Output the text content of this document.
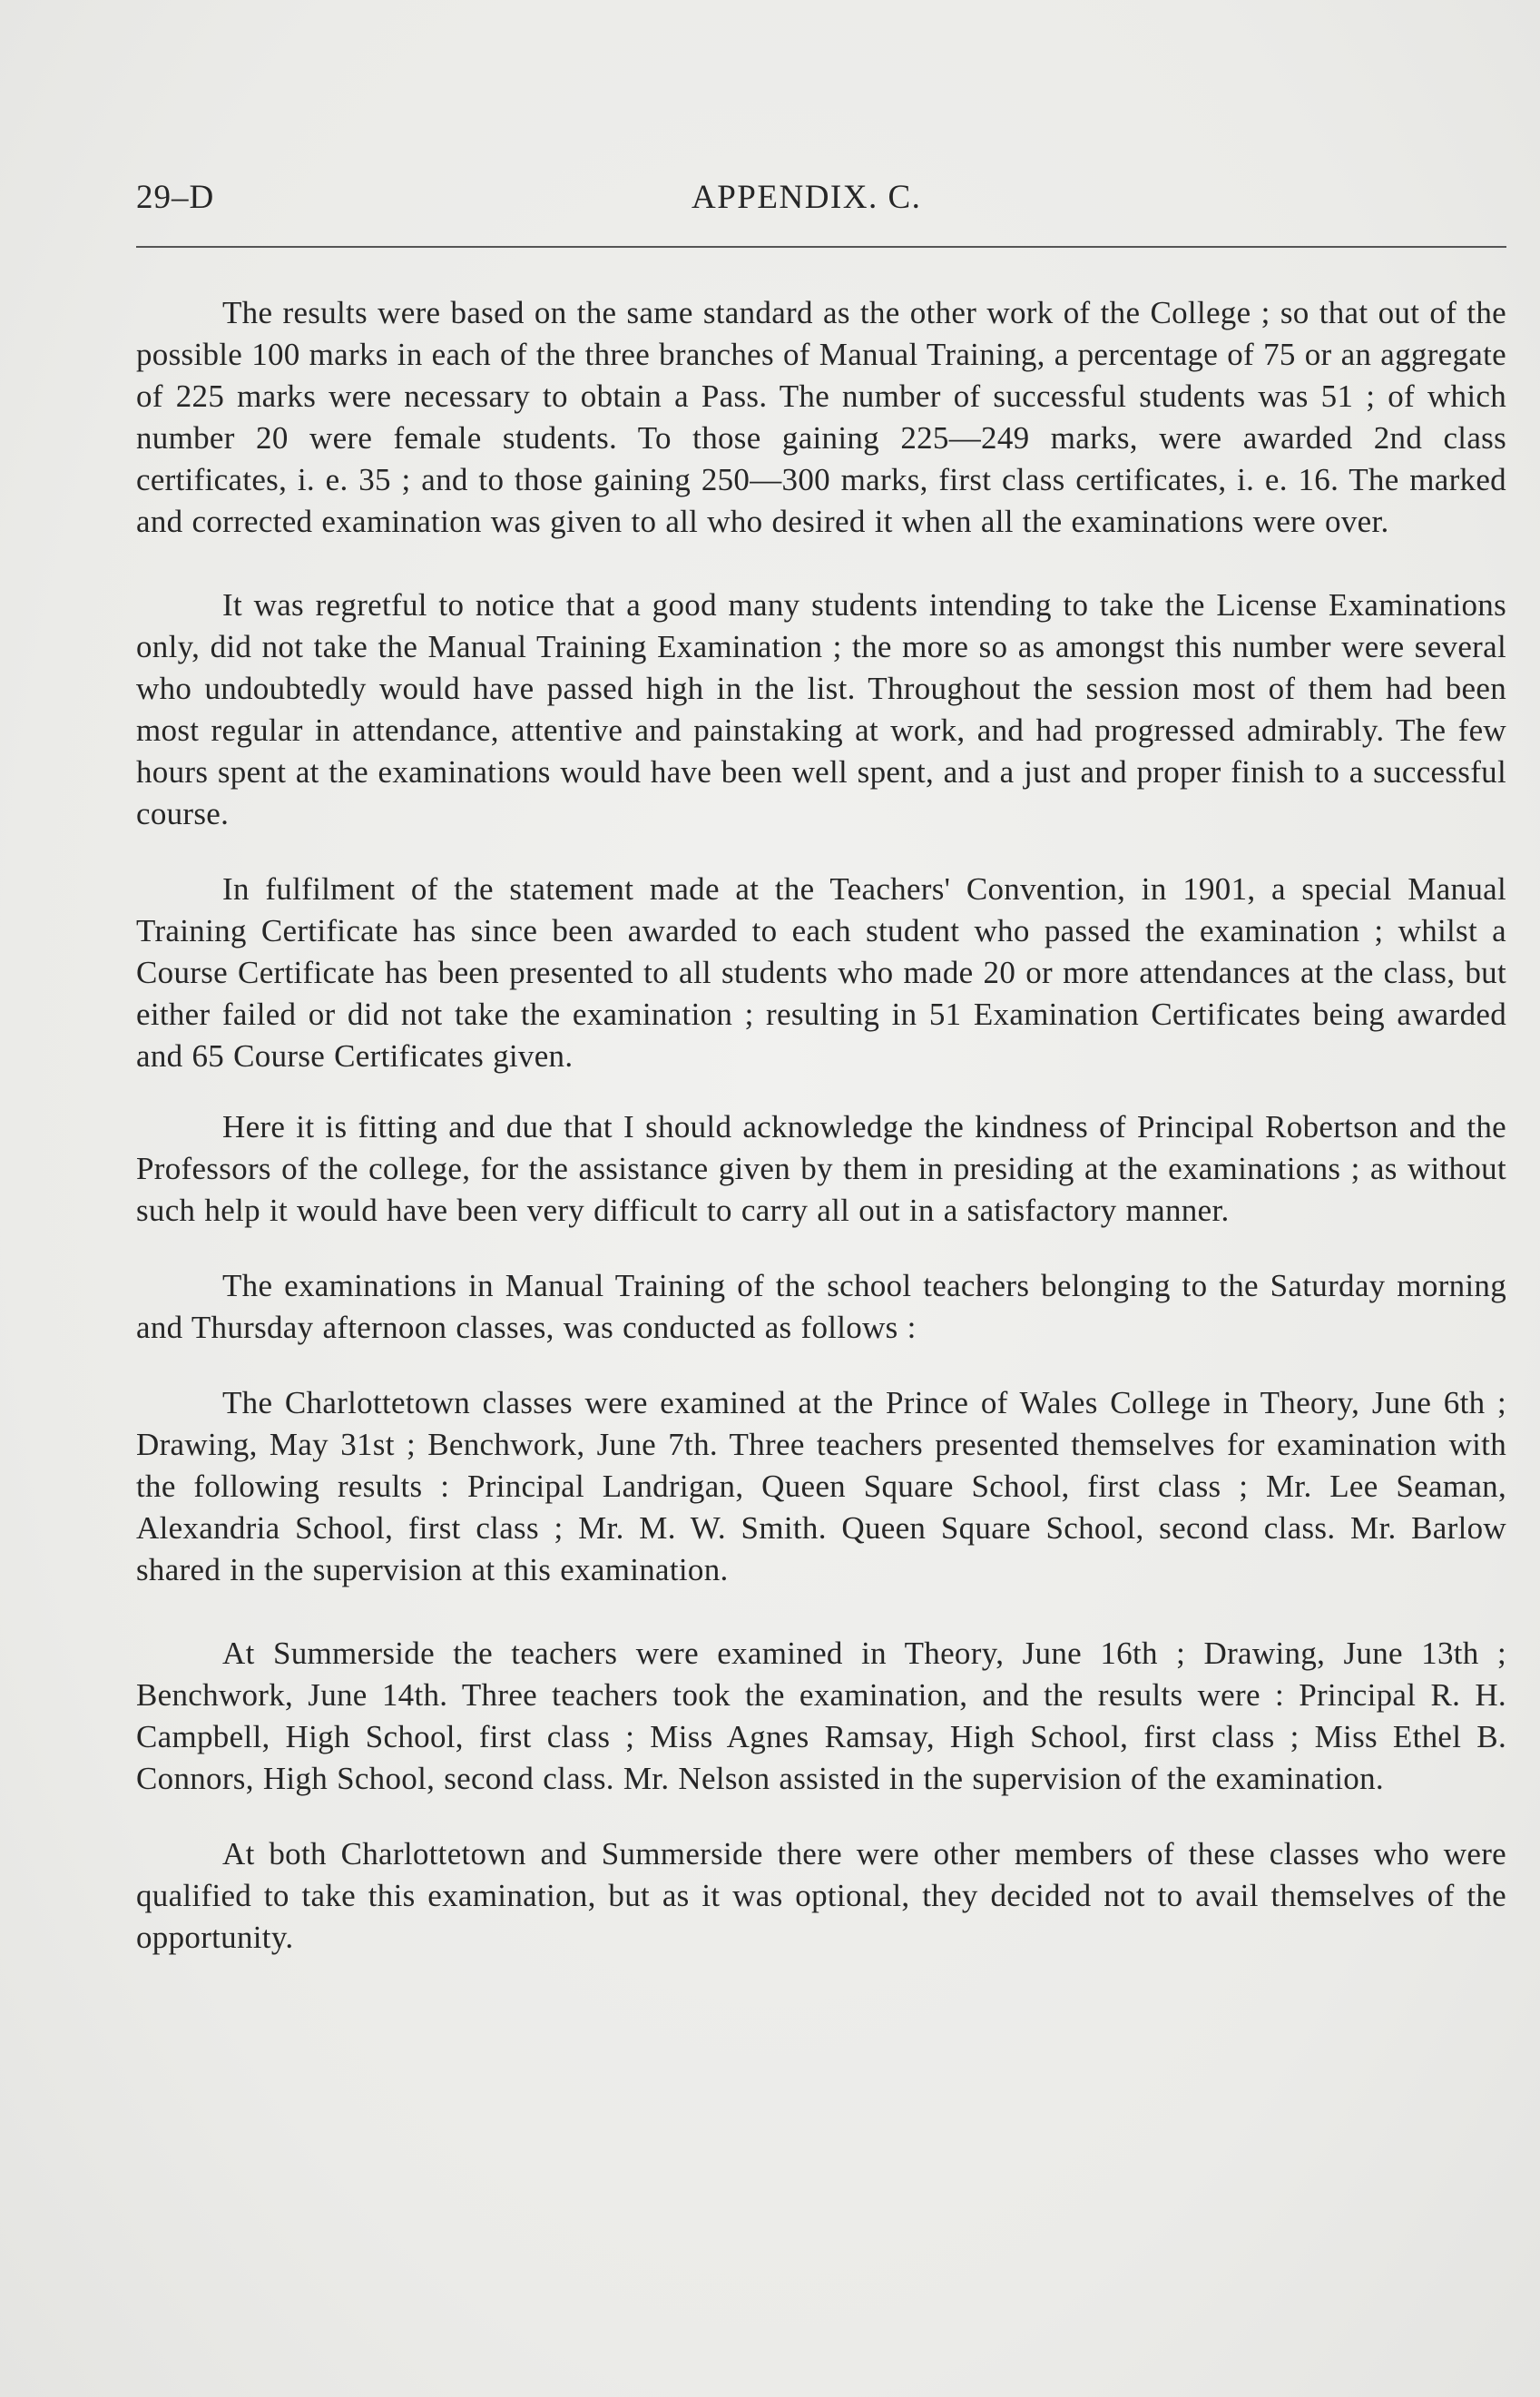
29–D	APPENDIX. C.

The results were based on the same standard as the other work of the College ; so that out of the possible 100 marks in each of the three branches of Manual Training, a percentage of 75 or an aggregate of 225 marks were necessary to obtain a Pass. The number of successful students was 51 ; of which number 20 were female students. To those gaining 225—249 marks, were awarded 2nd class certificates, i. e. 35 ; and to those gaining 250—300 marks, first class certificates, i. e. 16. The marked and corrected examination was given to all who desired it when all the examinations were over.

It was regretful to notice that a good many students intending to take the License Examinations only, did not take the Manual Training Examination ; the more so as amongst this number were several who undoubtedly would have passed high in the list. Throughout the session most of them had been most regular in attendance, attentive and painstaking at work, and had progressed admirably. The few hours spent at the examinations would have been well spent, and a just and proper finish to a successful course.

In fulfilment of the statement made at the Teachers' Convention, in 1901, a special Manual Training Certificate has since been awarded to each student who passed the examination ; whilst a Course Certificate has been presented to all students who made 20 or more attendances at the class, but either failed or did not take the examination ; resulting in 51 Examination Certificates being awarded and 65 Course Certificates given.

Here it is fitting and due that I should acknowledge the kindness of Principal Robertson and the Professors of the college, for the assistance given by them in presiding at the examinations ; as without such help it would have been very difficult to carry all out in a satisfactory manner.

The examinations in Manual Training of the school teachers belonging to the Saturday morning and Thursday afternoon classes, was conducted as follows :

The Charlottetown classes were examined at the Prince of Wales College in Theory, June 6th ; Drawing, May 31st ; Benchwork, June 7th. Three teachers presented themselves for examination with the following results : Principal Landrigan, Queen Square School, first class ; Mr. Lee Seaman, Alexandria School, first class ; Mr. M. W. Smith. Queen Square School, second class. Mr. Barlow shared in the supervision at this examination.

At Summerside the teachers were examined in Theory, June 16th ; Drawing, June 13th ; Benchwork, June 14th. Three teachers took the examination, and the results were : Principal R. H. Campbell, High School, first class ; Miss Agnes Ramsay, High School, first class ; Miss Ethel B. Connors, High School, second class. Mr. Nelson assisted in the supervision of the examination.

At both Charlottetown and Summerside there were other members of these classes who were qualified to take this examination, but as it was optional, they decided not to avail themselves of the opportunity.
